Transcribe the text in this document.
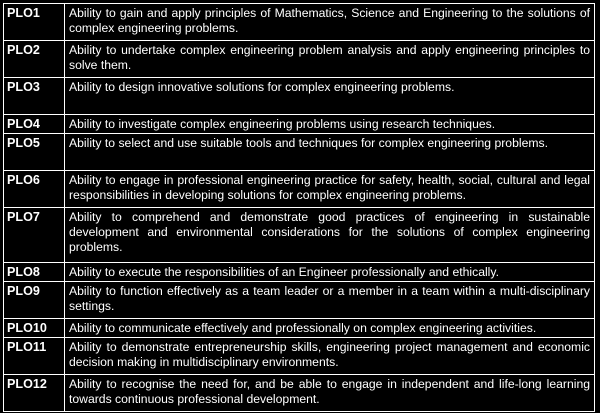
PLO1	Ability to gain and apply principles of Mathematics, Science and Engineering to the solutions of complex engineering problems.
PLO2	Ability to undertake complex engineering problem analysis and apply engineering principles to solve them.
PLO3	Ability to design innovative solutions for complex engineering problems.
PLO4	Ability to investigate complex engineering problems using research techniques.
PLO5	Ability to select and use suitable tools and techniques for complex engineering problems.
PLO6	Ability to engage in professional engineering practice for safety, health, social, cultural and legal responsibilities in developing solutions for complex engineering problems.
PLO7	Ability to comprehend and demonstrate good practices of engineering in sustainable development and environmental considerations for the solutions of complex engineering problems.
PLO8	Ability to execute the responsibilities of an Engineer professionally and ethically.
PLO9	Ability to function effectively as a team leader or a member in a team within a multi-disciplinary settings.
PLO10	Ability to communicate effectively and professionally on complex engineering activities.
PLO11	Ability to demonstrate entrepreneurship skills, engineering project management and economic decision making in multidisciplinary environments.
PLO12	Ability to recognise the need for, and be able to engage in independent and life-long learning towards continuous professional development.
